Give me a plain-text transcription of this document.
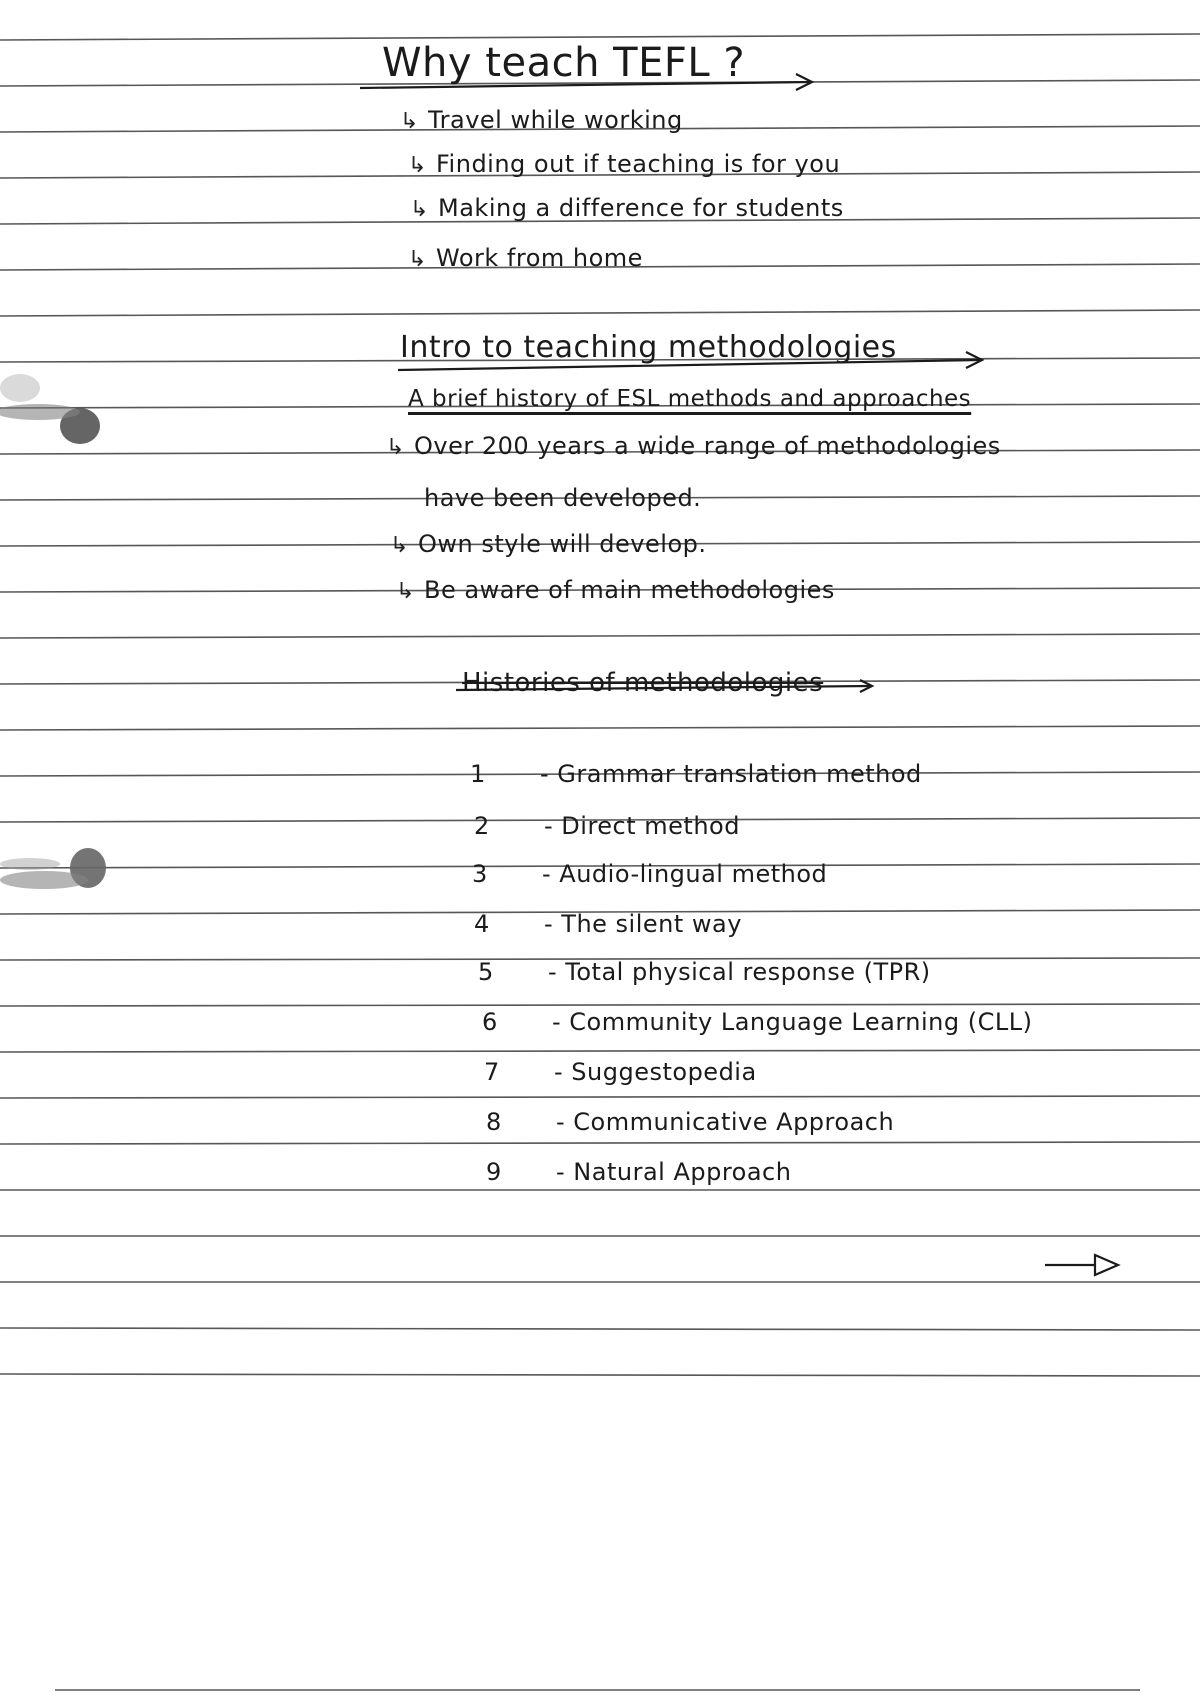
Why teach TEFL ?
↳ Travel while working
↳ Finding out if teaching is for you
↳ Making a difference for students
↳ Work from home
Intro to teaching methodologies
A brief history of ESL methods and approaches
↳ Over 200 years a wide range of methodologies
have been developed.
↳ Own style will develop.
↳ Be aware of main methodologies
Histories of methodologies
1 - Grammar translation method
2 - Direct method
3 - Audio-lingual method
4 - The silent way
5 - Total physical response (TPR)
6 - Community Language Learning (CLL)
7 - Suggestopedia
8 - Communicative Approach
9 - Natural Approach
